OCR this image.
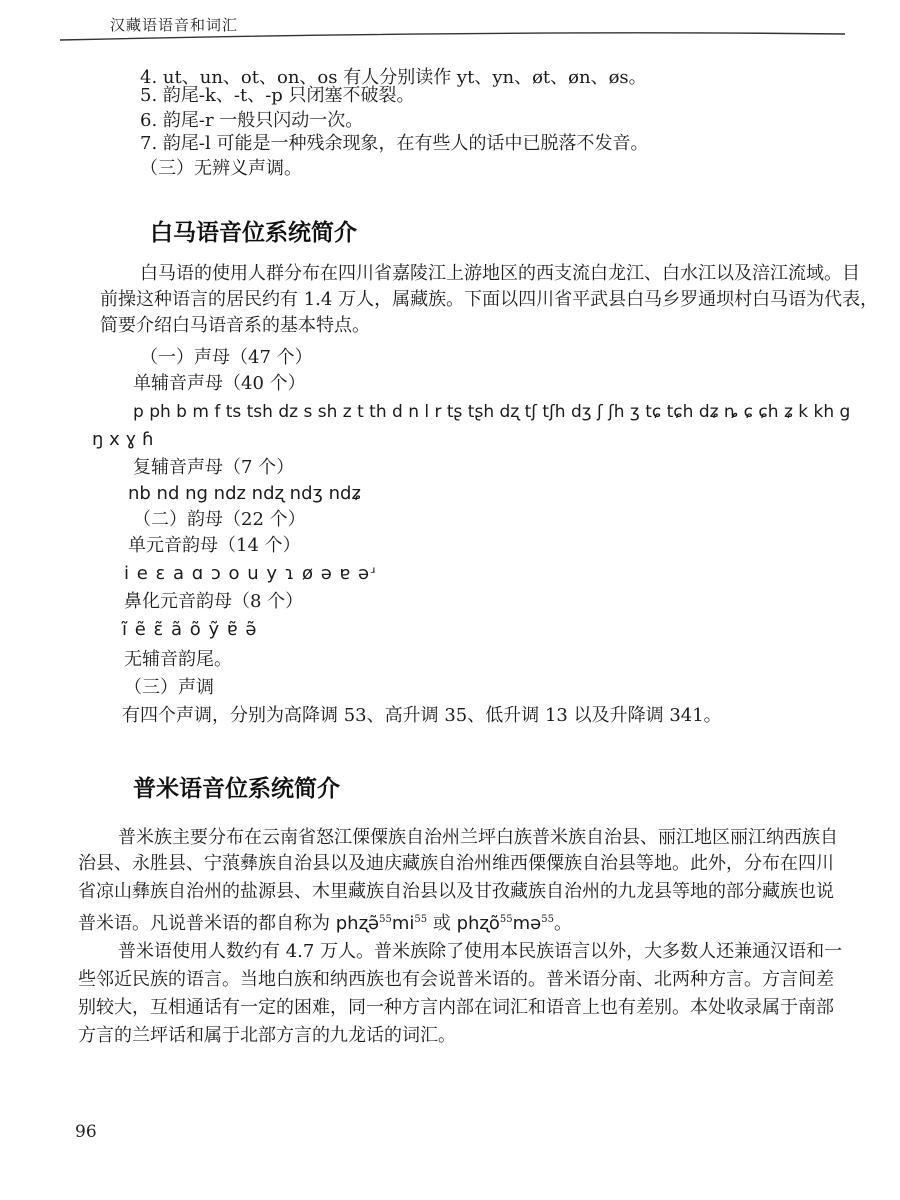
汉藏语语音和词汇
4. ut、un、ot、on、os 有人分别读作 yt、yn、øt、øn、øs。
5. 韵尾-k、-t、-p 只闭塞不破裂。
6. 韵尾-r 一般只闪动一次。
7. 韵尾-l 可能是一种残余现象，在有些人的话中已脱落不发音。
（三）无辨义声调。
白马语音位系统简介
白马语的使用人群分布在四川省嘉陵江上游地区的西支流白龙江、白水江以及涪江流域。目
前操这种语言的居民约有 1.4 万人，属藏族。下面以四川省平武县白马乡罗通坝村白马语为代表，
简要介绍白马语音系的基本特点。
（一）声母（47 个）
单辅音声母（40 个）
p ph b m f ts tsh dz s sh z t th d n l r tʂ tʂh dʐ tʃ tʃh dʒ ʃ ʃh ʒ tɕ tɕh dʑ ȵ ɕ ɕh ʑ k kh g
ŋ x ɣ ɦ
复辅音声母（7 个）
nb nd ng ndz ndʐ ndʒ ndʑ
（二）韵母（22 个）
单元音韵母（14 个）
i e ɛ a ɑ ɔ o u y ɿ ø ə ɐ əʴ
鼻化元音韵母（8 个）
ĩ ẽ ɛ̃ ã õ ỹ ɐ̃ ə̃
无辅音韵尾。
（三）声调
有四个声调，分别为高降调 53、高升调 35、低升调 13 以及升降调 341。
普米语音位系统简介
普米族主要分布在云南省怒江傈僳族自治州兰坪白族普米族自治县、丽江地区丽江纳西族自
治县、永胜县、宁蒗彝族自治县以及迪庆藏族自治州维西傈僳族自治县等地。此外，分布在四川
省凉山彝族自治州的盐源县、木里藏族自治县以及甘孜藏族自治州的九龙县等地的部分藏族也说
普米语。凡说普米语的都自称为 $phʐə̃^{55}mi^{55}$ 或 phʐõ$^{55}$mə$^{55}$。
普米语使用人数约有 4.7 万人。普米族除了使用本民族语言以外，大多数人还兼通汉语和一
些邻近民族的语言。当地白族和纳西族也有会说普米语的。普米语分南、北两种方言。方言间差
别较大，互相通话有一定的困难，同一种方言内部在词汇和语音上也有差别。本处收录属于南部
方言的兰坪话和属于北部方言的九龙话的词汇。
96
